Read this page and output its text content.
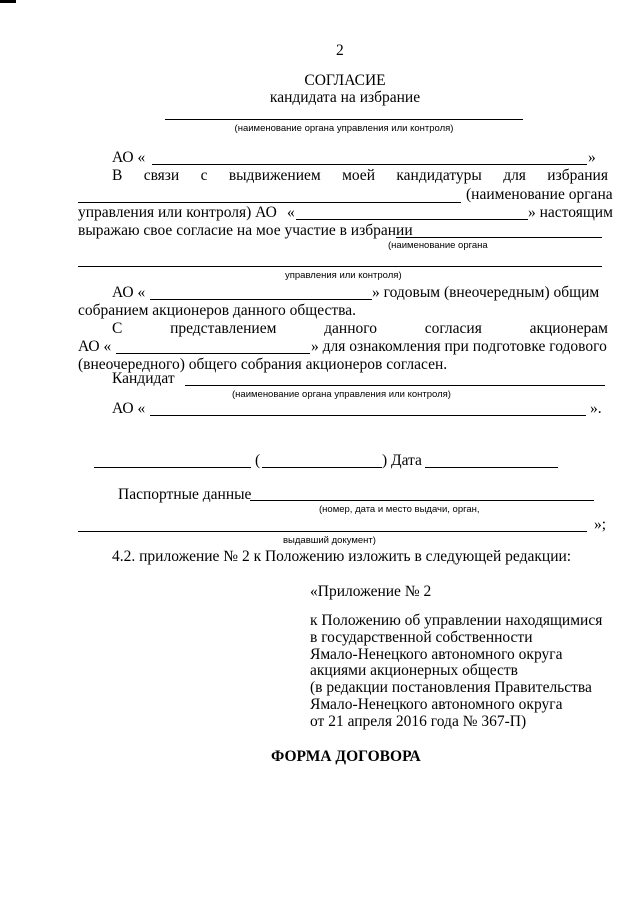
2
СОГЛАСИЕ
кандидата на избрание
(наименование органа управления или контроля)
АО «	»
В связи с выдвижением моей кандидатуры для избрания
(наименование органа
управления или контроля) АО «	» настоящим
выражаю свое согласие на мое участие в избрании
(наименование органа
управления или контроля)
АО «	» годовым (внеочередным) общим
собранием акционеров данного общества.
С	представлением	данного	согласия	акционерам
АО «	» для ознакомления при подготовке годового
(внеочередного) общего собрания акционеров согласен.
Кандидат
(наименование органа управления или контроля)
АО «	».
(	) Дата
Паспортные данные
(номер, дата и место выдачи, орган,
»;
выдавший документ)
4.2. приложение № 2 к Положению изложить в следующей редакции:
«Приложение № 2
к Положению об управлении находящимися
в государственной собственности
Ямало-Ненецкого автономного округа
акциями акционерных обществ
(в редакции постановления Правительства
Ямало-Ненецкого автономного округа
от 21 апреля 2016 года № 367-П)
ФОРМА ДОГОВОРА
